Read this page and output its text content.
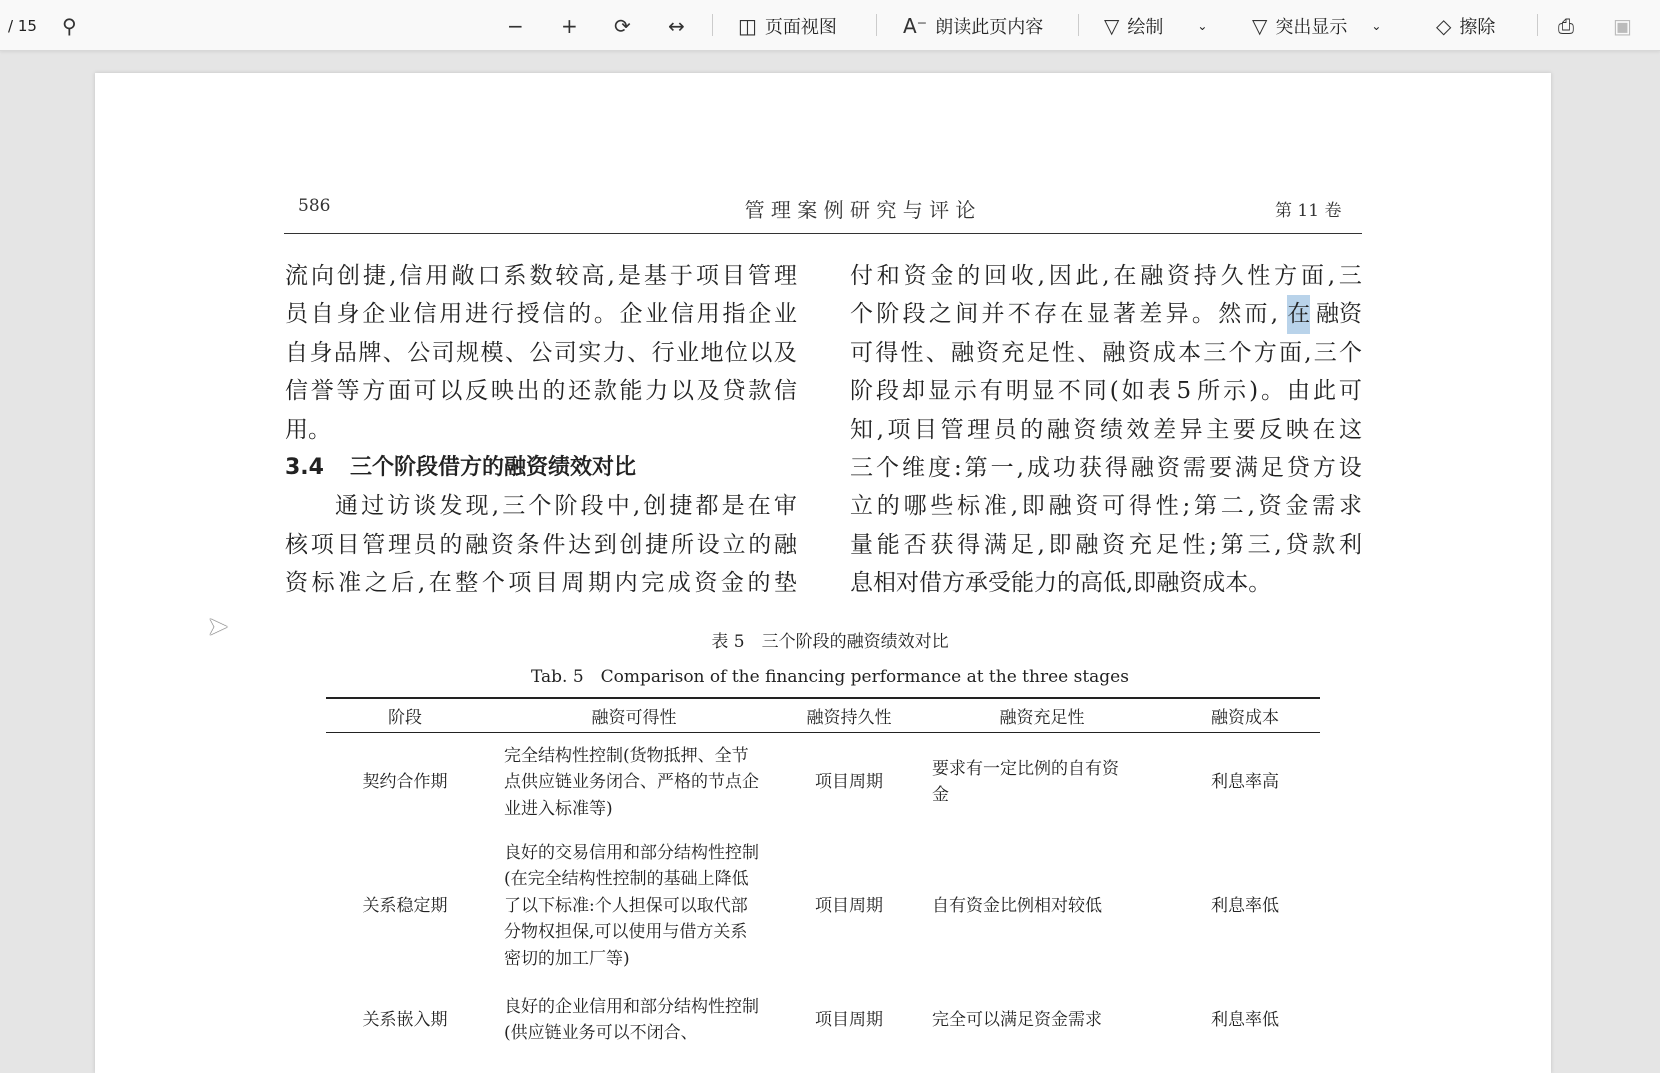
/ 15 ⚲	− + ⟳ ↔	◫ 页面视图	A⁻ 朗读此页内容	▽ 绘制	⌄ ▽ 突出显示 ⌄	◇ 擦除	⎙ ▣
586	管 理 案 例 研 究 与 评 论	第 11 卷
流 向 创 捷 , 信 用 敞 口 系 数 较 高 , 是 基 于 项 目 管 理
员 自 身 企 业 信 用 进 行 授 信 的 。 企 业 信 用 指 企 业
自 身 品 牌 、 公 司 规 模 、 公 司 实 力 、 行 业 地 位 以 及
信 誉 等 方 面 可 以 反 映 出 的 还 款 能 力 以 及 贷 款 信
用。
3.4 三个阶段借方的融资绩效对比
通 过 访 谈 发 现 , 三 个 阶 段 中 , 创 捷 都 是 在 审
核 项 目 管 理 员 的 融 资 条 件 达 到 创 捷 所 设 立 的 融
资 标 准 之 后 , 在 整 个 项 目 周 期 内 完 成 资 金 的 垫
付 和 资 金 的 回 收 , 因 此 , 在 融 资 持 久 性 方 面 , 三
个阶段之间并不存在显著差异。然而, 在 融资
可 得 性 、 融 资 充 足 性 、 融 资 成 本 三 个 方 面 , 三 个
阶 段 却 显 示 有 明 显 不 同 ( 如 表 5 所 示 ) 。 由 此 可
知 , 项 目 管 理 员 的 融 资 绩 效 差 异 主 要 反 映 在 这
三 个 维 度 : 第 一 , 成 功 获 得 融 资 需 要 满 足 贷 方 设
立 的 哪 些 标 准 , 即 融 资 可 得 性 ; 第 二 , 资 金 需 求
量 能 否 获 得 满 足 , 即 融 资 充 足 性 ; 第 三 , 贷 款 利
息相对借方承受能力的高低,即融资成本。
表 5　三个阶段的融资绩效对比
Tab. 5　Comparison of the financing performance at the three stages
阶段	融资可得性	融资持久性	融资充足性	融资成本
契约合作期	完全结构性控制(货物抵押、全节点供应链业务闭合、严格的节点企业进入标准等)	项目周期	要求有一定比例的自有资金	利息率高
关系稳定期	良好的交易信用和部分结构性控制(在完全结构性控制的基础上降低了以下标准:个人担保可以取代部分物权担保,可以使用与借方关系密切的加工厂等)	项目周期	自有资金比例相对较低	利息率低
关系嵌入期	良好的企业信用和部分结构性控制(供应链业务可以不闭合、	项目周期	完全可以满足资金需求	利息率低
➤
